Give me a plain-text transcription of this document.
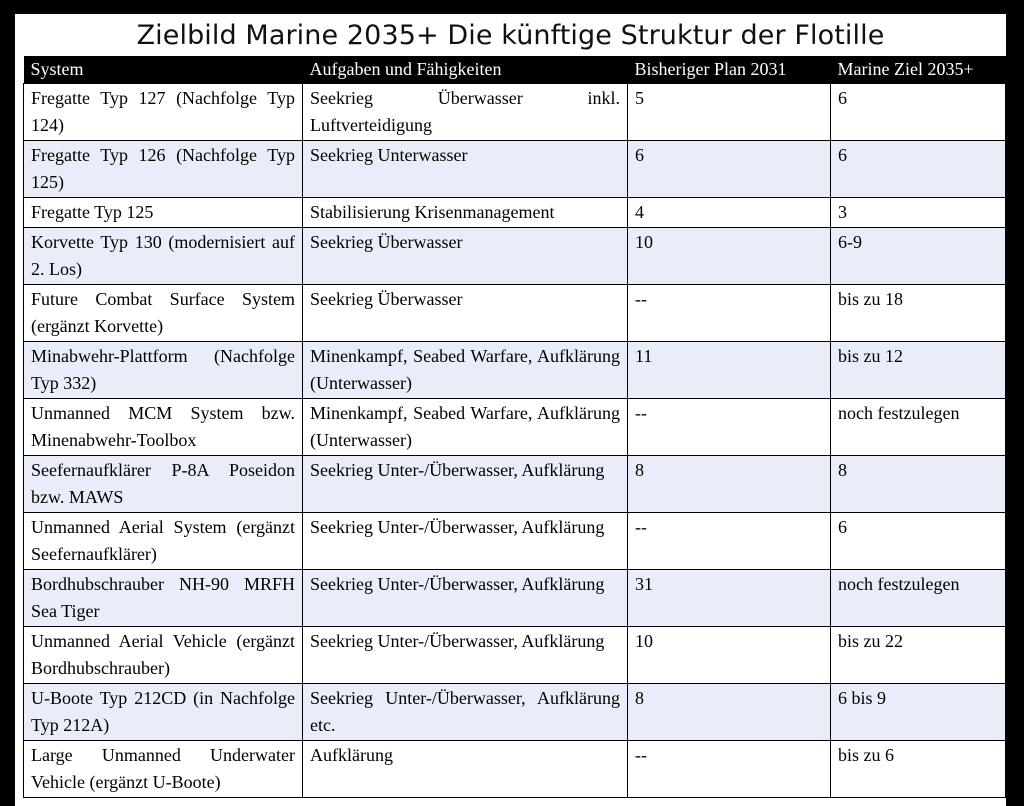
Zielbild Marine 2035+ Die künftige Struktur der Flotille
System	Aufgaben und Fähigkeiten	Bisheriger Plan 2031	Marine Ziel 2035+
Fregatte Typ 127 (Nachfolge Typ 124)	Seekrieg Überwasser inkl. Luftverteidigung	5	6
Fregatte Typ 126 (Nachfolge Typ 125)	Seekrieg Unterwasser	6	6
Fregatte Typ 125	Stabilisierung Krisenmanagement	4	3
Korvette Typ 130 (modernisiert auf 2. Los)	Seekrieg Überwasser	10	6-9
Future Combat Surface System (ergänzt Korvette)	Seekrieg Überwasser	--	bis zu 18
Minabwehr-Plattform (Nachfolge Typ 332)	Minenkampf, Seabed Warfare, Aufklärung (Unterwasser)	11	bis zu 12
Unmanned MCM System bzw. Minenabwehr-Toolbox	Minenkampf, Seabed Warfare, Aufklärung (Unterwasser)	--	noch festzulegen
Seefernaufklärer P-8A Poseidon bzw. MAWS	Seekrieg Unter-/Überwasser, Aufklärung	8	8
Unmanned Aerial System (ergänzt Seefernaufklärer)	Seekrieg Unter-/Überwasser, Aufklärung	--	6
Bordhubschrauber NH-90 MRFH Sea Tiger	Seekrieg Unter-/Überwasser, Aufklärung	31	noch festzulegen
Unmanned Aerial Vehicle (ergänzt Bordhubschrauber)	Seekrieg Unter-/Überwasser, Aufklärung	10	bis zu 22
U-Boote Typ 212CD (in Nachfolge Typ 212A)	Seekrieg Unter-/Überwasser, Aufklärung etc.	8	6 bis 9
Large Unmanned Underwater Vehicle (ergänzt U-Boote)	Aufklärung	--	bis zu 6
